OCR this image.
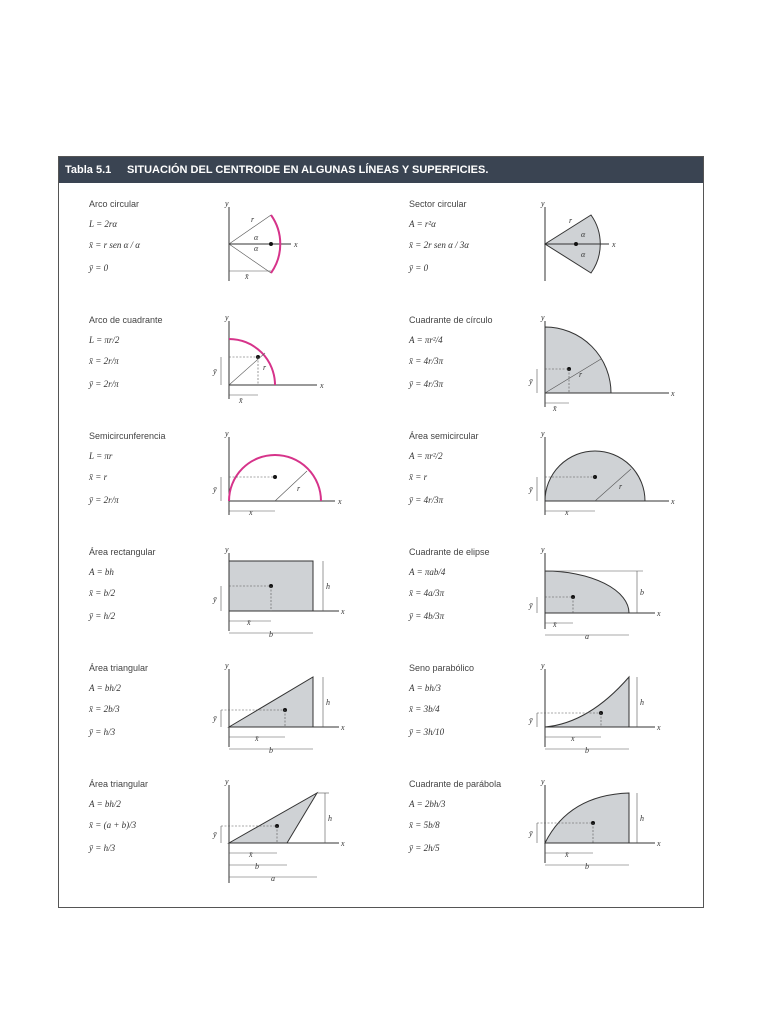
Tabla 5.1	SITUACIÓN DEL CENTROIDE EN ALGUNAS LÍNEAS Y SUPERFICIES.
Arco circular
L = 2rα
x̄ = r sen α / α
ȳ = 0
y
x
r
α
α
x̄
Sector circular
A = r²α
x̄ = 2r sen α / 3α
ȳ = 0
y
x
r
α
α
Arco de cuadrante
L = πr/2
x̄ = 2r/π
ȳ = 2r/π
y
x
r
ȳ
x̄
Cuadrante de círculo
A = πr²/4
x̄ = 4r/3π
ȳ = 4r/3π
y
x
r
ȳ
x̄
Semicircunferencia
L = πr
x̄ = r
ȳ = 2r/π
y
x
r
ȳ
x
Área semicircular
A = πr²/2
x̄ = r
ȳ = 4r/3π
y
x
r
ȳ
x
Área rectangular
A = bh
x̄ = b/2
ȳ = h/2
y
x
h
ȳ
x̄
b
Cuadrante de elipse
A = πab/4
x̄ = 4a/3π
ȳ = 4b/3π
y
x
b
ȳ
x̄
a
Área triangular
A = bh/2
x̄ = 2b/3
ȳ = h/3
y
x
h
ȳ
x̄
b
Seno parabólico
A = bh/3
x̄ = 3b/4
ȳ = 3h/10
y
x
h
ȳ
x
b
Área triangular
A = bh/2
x̄ = (a + b)/3
ȳ = h/3
y
x
h
ȳ
x̄
b
a
Cuadrante de parábola
A = 2bh/3
x̄ = 5b/8
ȳ = 2h/5
y
x
h
ȳ
x̄
b
